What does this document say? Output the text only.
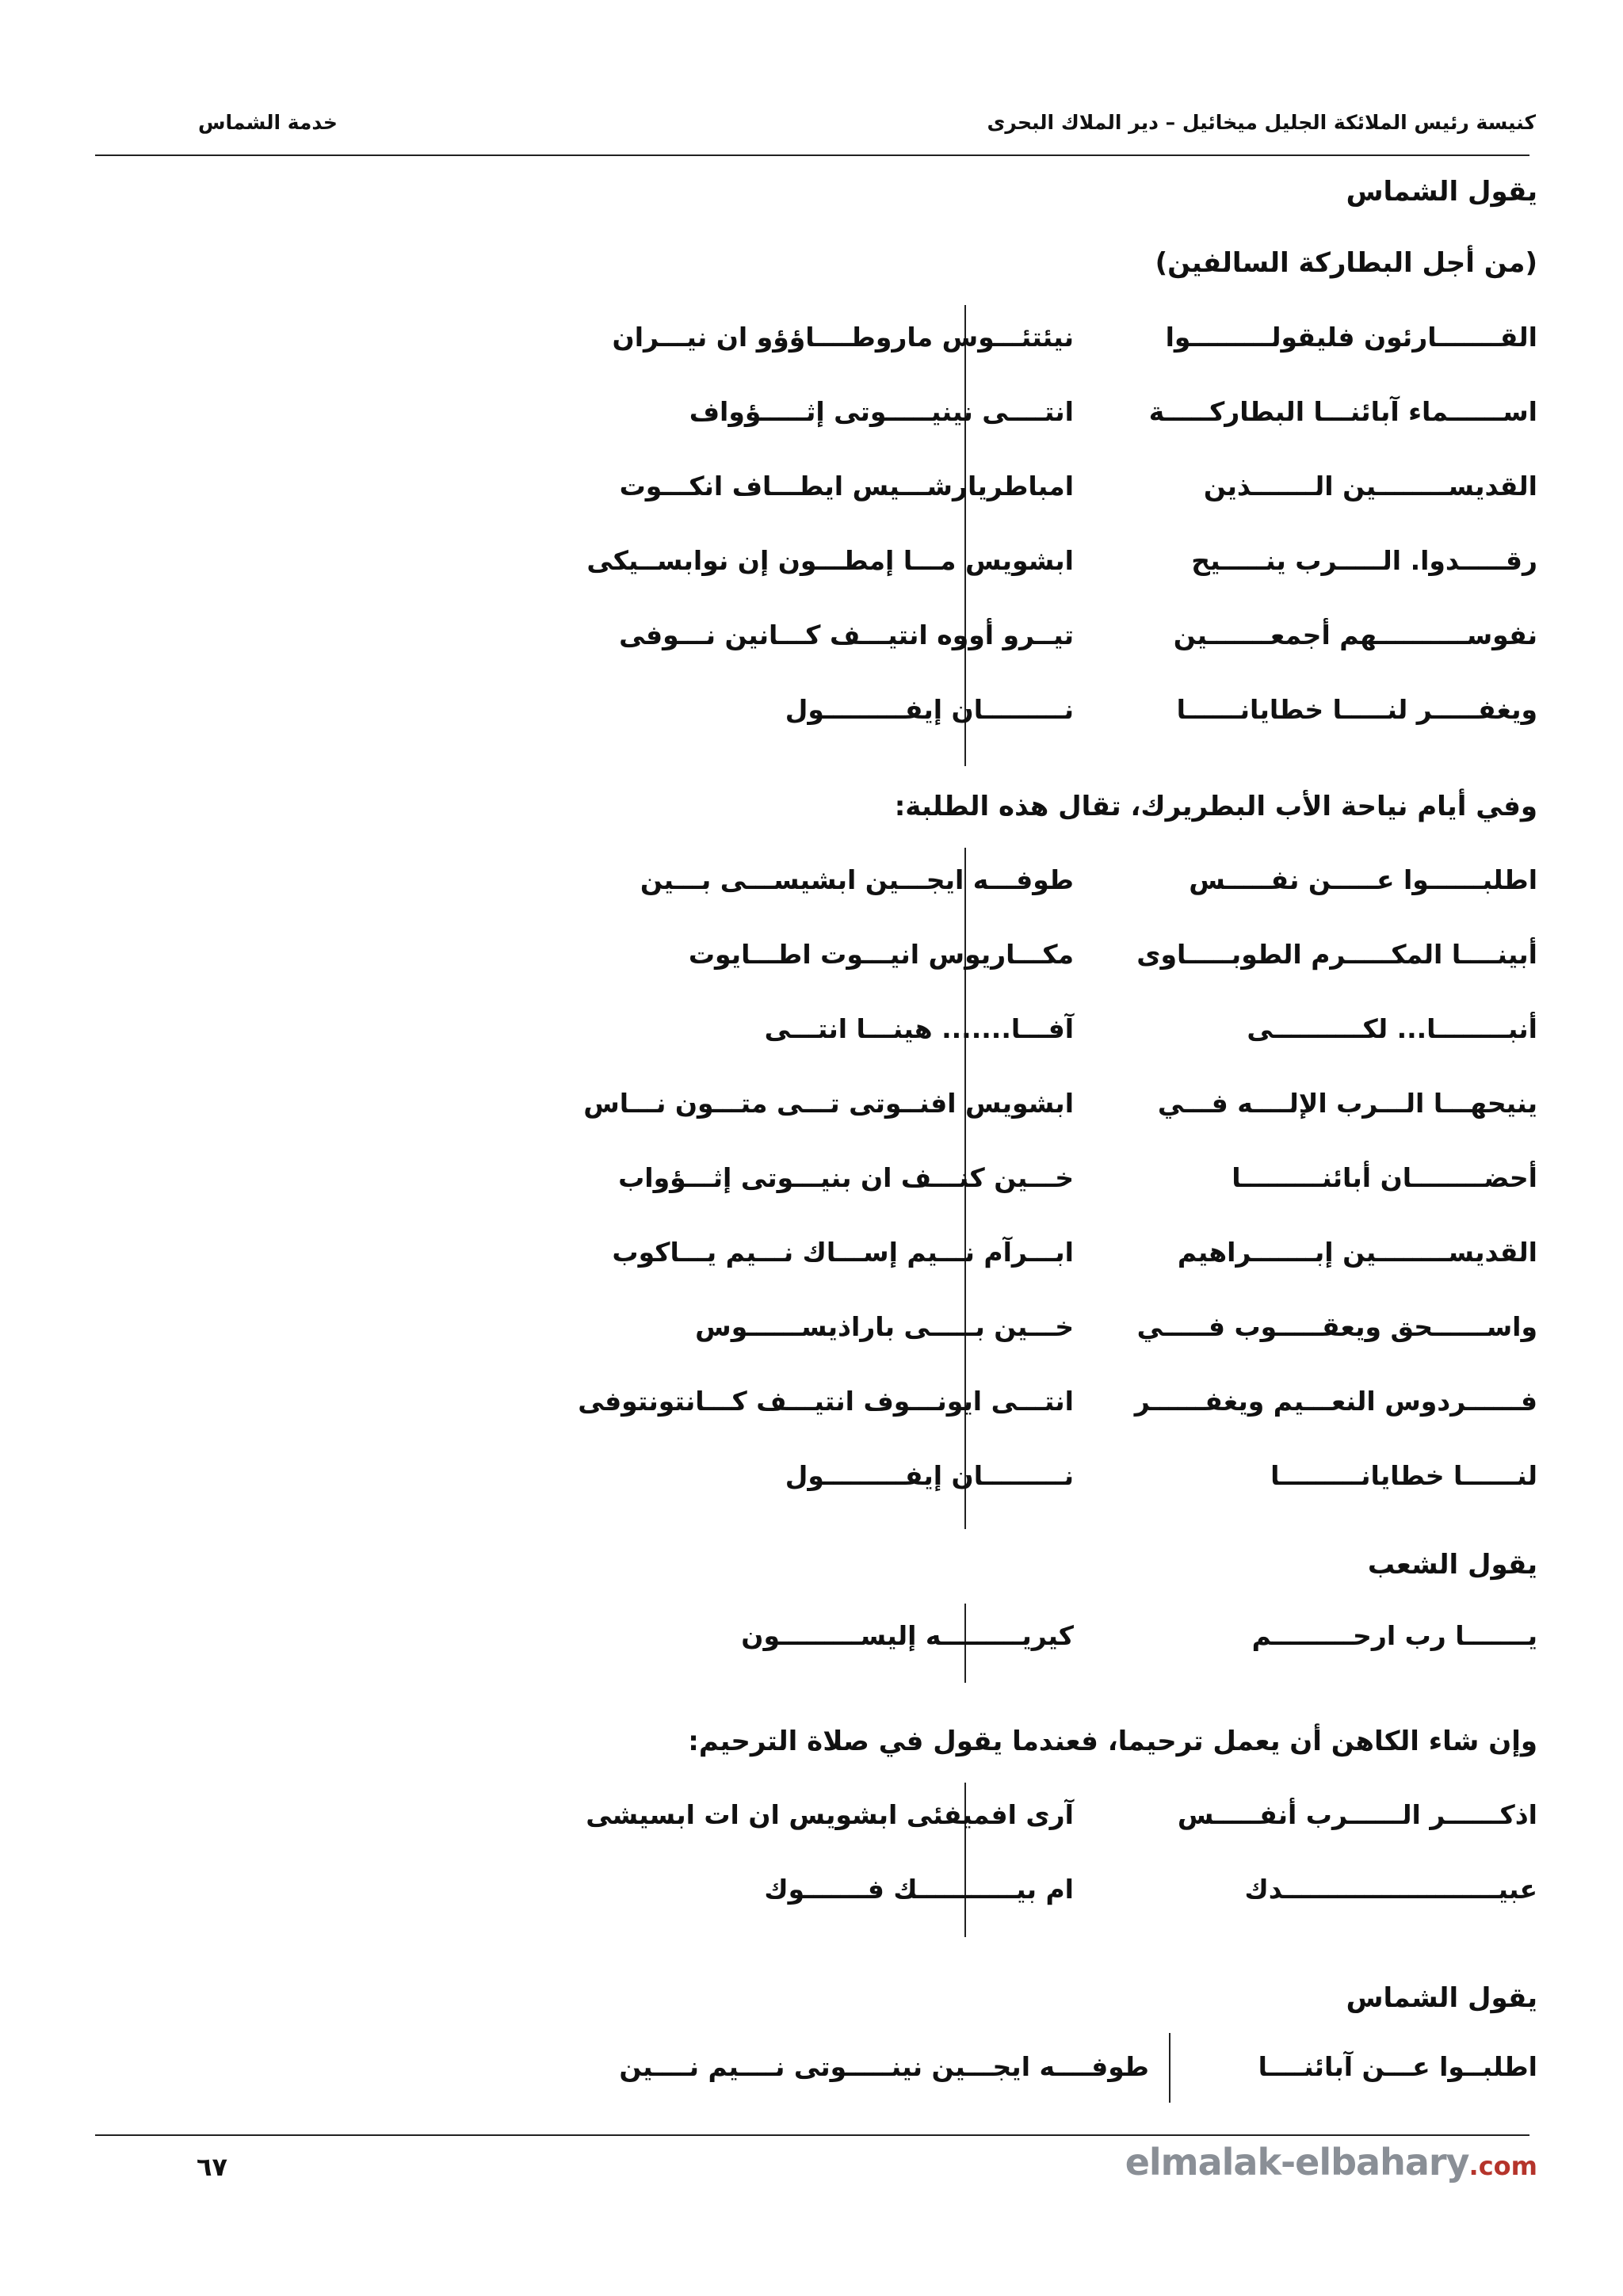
كنيسة رئيس الملائكة الجليل ميخائيل – دير الملاك البحرى
خدمة الشماس
يقول الشماس
(من أجل البطاركة السالفين)
القـــــــارئون فليقولـــــــــوا
نيئتئـــوس ماروطــــاؤؤو ان نيـــران
اســــــماء آبائنـــا البطاركـــــة
انتــــى نينيـــــوتى إثـــــؤواف
القديســــــــين الـــــــذين
امباطريارشـــيس ايطـــاف انكـــوت
رقـــــدوا. الـــــرب ينـــــيح
ابشويس مـــا إمطـــون إن نوابســيكى
نفوســــــــــهم أجمعـــــــين
تيــرو أووه انتيـــف كـــانين نـــوفى
ويغفـــــر لنـــــا خطايانــــــا
نـــــــــان إيفـــــــــول
وفي أيام نياحة الأب البطريرك، تقال هذه الطلبة:
اطلبــــــوا عـــــن نفـــــس
طوفـــه ايجـــين ابشيســـى بـــين
أبينــــا المكـــــرم الطوبـــــاوى
مكـــاريوس انيـــوت اطـــايوت
أنبــــــــا... لكــــــــــى
آفـــا....... هينـــا انتـــى
ينيحهـــا الـــرب الإلــــه فـــي
ابشويس افنــوتى تـــى متـــون نـــاس
أحضــــــــان أبائنـــــــــا
خـــين كنـــف ان بنيـــوتى إثـــؤواب
القديســــــــين إبـــــــراهيم
ابـــرآم نـــيم إســـاك نـــيم يـــاكوب
واســــــحق ويعقـــــوب فـــــي
خـــين بـــــى باراذيســــــوس
فــــــردوس النعـــيم ويغفــــــر
انتـــى ايونـــوف انتيـــف كـــانتونتوفى
لنــــــا خطايانـــــــــا
نـــــــــان إيفـــــــــول
يقول الشعب
يـــــــا رب ارحـــــــــم
كيريـــــــــه إليســـــــــون
وإن شاء الكاهن أن يعمل ترحيما، فعندما يقول في صلاة الترحيم:
اذكــــــر الــــــرب أنفـــــس
آرى افميفئى ابشويس ان ات ابسيشى
عبيــــــــــــــــــــــــدك
ام بيـــــــــــك فـــــــوك
يقول الشماس
اطلبــوا عـــن آبائنــــا
طوفــــه ايجـــين نينـــــوتى نــــيم نــــين
٦٧	elmalak-elbahary .com
